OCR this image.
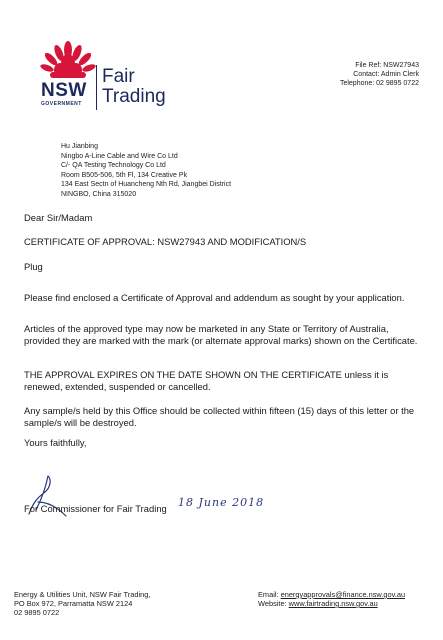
NSW
GOVERNMENT
Fair
Trading
File Ref: NSW27943
Contact: Admin Clerk
Telephone: 02 9895 0722
Hu Jianbing
Ningbo A-Line Cable and Wire Co Ltd
C/- QA Testing Technology Co Ltd
Room B505-506, 5th Fl, 134 Creative Pk
134 East Sectn of Huancheng Nth Rd, Jiangbei District
NINGBO, China 315020
Dear Sir/Madam
CERTIFICATE OF APPROVAL: NSW27943 AND MODIFICATION/S
Plug
Please find enclosed a Certificate of Approval and addendum as sought by your application.
Articles of the approved type may now be marketed in any State or Territory of Australia, provided they are marked with the mark (or alternate approval marks) shown on the Certificate.
THE APPROVAL EXPIRES ON THE DATE SHOWN ON THE CERTIFICATE unless it is renewed, extended, suspended or cancelled.
Any sample/s held by this Office should be collected within fifteen (15) days of this letter or the sample/s will be destroyed.
Yours faithfully,
For Commissioner for Fair Trading 18 June 2018
Energy & Utilities Unit, NSW Fair Trading,
PO Box 972, Parramatta NSW 2124
02 9895 0722
Email: energyapprovals@finance.nsw.gov.au
Website: www.fairtrading.nsw.gov.au
